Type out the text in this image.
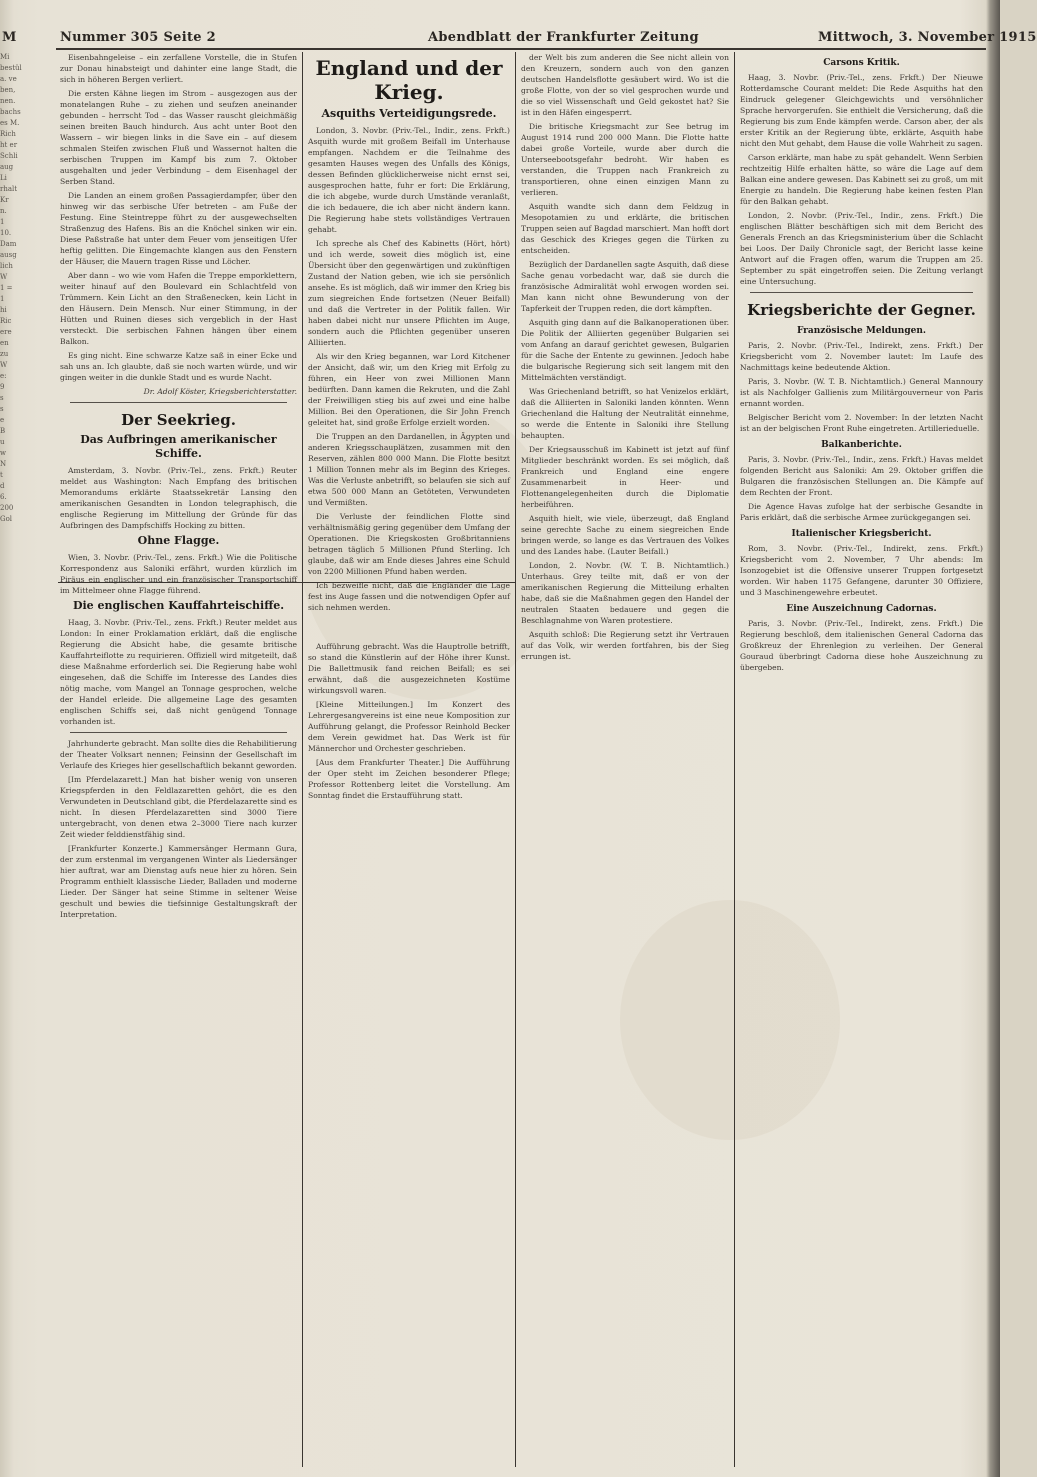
M	Nummer 305 Seite 2	Abendblatt der Frankfurter Zeitung	Mittwoch, 3. November 1915
Mi
bestül
a. ve
ben,
nen.
bachs
es M.
Rich
ht er
Schli
aug
Li
rhalt
Kr
n.
1
10.
Dam
ausg
lich
W
1 =
1
hi
Ric
ere
en
zu
W
e:
9
s
s
e
B
u
w
N
t
d
6.
200
Gol

Eisenbahngeleise – ein zerfallene Vorstelle, die in Stufen zur Donau hinabsteigt und dahinter eine lange Stadt, die sich in höheren Bergen verliert.

Die ersten Kähne liegen im Strom – ausgezogen aus der monatelangen Ruhe – zu ziehen und seufzen aneinander gebunden – herrscht Tod – das Wasser rauscht gleichmäßig seinen breiten Bauch hindurch. Aus acht unter Boot den Wassern – wir biegen links in die Save ein – auf diesem schmalen Steifen zwischen Fluß und Wassernot halten die serbischen Truppen im Kampf bis zum 7. Oktober ausgehalten und jeder Verbindung – dem Eisenhagel der Serben Stand.

Die Landen an einem großen Passagierdampfer, über den hinweg wir das serbische Ufer betreten – am Fuße der Festung. Eine Steintreppe führt zu der ausgewechselten Straßenzug des Hafens. Bis an die Knöchel sinken wir ein. Diese Paßstraße hat unter dem Feuer vom jenseitigen Ufer heftig gelitten. Die Eingemachte klangen aus den Fenstern der Häuser, die Mauern tragen Risse und Löcher.

Aber dann – wo wie vom Hafen die Treppe emporklettern, weiter hinauf auf den Boulevard ein Schlachtfeld von Trümmern. Kein Licht an den Straßenecken, kein Licht in den Häusern. Dein Mensch. Nur einer Stimmung, in der Hütten und Ruinen dieses sich vergeblich in der Hast versteckt. Die serbischen Fahnen hängen über einem Balkon.

Es ging nicht. Eine schwarze Katze saß in einer Ecke und sah uns an. Ich glaubte, daß sie noch warten würde, und wir gingen weiter in die dunkle Stadt und es wurde Nacht.

Dr. Adolf Köster, Kriegsberichterstatter.

Der Seekrieg.
Das Aufbringen amerikanischer Schiffe.

Amsterdam, 3. Novbr. (Priv.-Tel., zens. Frkft.) Reuter meldet aus Washington: Nach Empfang des britischen Memorandums erklärte Staatssekretär Lansing den amerikanischen Gesandten in London telegraphisch, die englische Regierung im Mittellung der Gründe für das Aufbringen des Dampfschiffs Hocking zu bitten.

Ohne Flagge.

Wien, 3. Novbr. (Priv.-Tel., zens. Frkft.) Wie die Politische Korrespondenz aus Saloniki erfährt, wurden kürzlich im Piräus ein englischer und ein französischer Transportschiff im Mittelmeer ohne Flagge führend.

Die englischen Kauffahrteischiffe.

Haag, 3. Novbr. (Priv.-Tel., zens. Frkft.) Reuter meldet aus London: In einer Proklamation erklärt, daß die englische Regierung die Absicht habe, die gesamte britische Kauffahrteiflotte zu requirieren. Offiziell wird mitgeteilt, daß diese Maßnahme erforderlich sei. Die Regierung habe wohl eingesehen, daß die Schiffe im Interesse des Landes dies nötig mache, vom Mangel an Tonnage gesprochen, welche der Handel erleide. Die allgemeine Lage des gesamten englischen Schiffs sei, daß nicht genügend Tonnage vorhanden ist.

Jahrhunderte gebracht. Man sollte dies die Rehabilitierung der Theater Volksart nennen; Feinsinn der Gesellschaft im Verlaufe des Krieges hier gesellschaftlich bekannt geworden.

[Im Pferdelazarett.] Man hat bisher wenig von unseren Kriegspferden in den Feldlazaretten gehört, die es den Verwundeten in Deutschland gibt, die Pferdelazarette sind es nicht. In diesen Pferdelazaretten sind 3000 Tiere untergebracht, von denen etwa 2–3000 Tiere nach kurzer Zeit wieder felddienstfähig sind.

[Frankfurter Konzerte.] Kammersänger Hermann Gura, der zum erstenmal im vergangenen Winter als Liedersänger hier auftrat, war am Dienstag aufs neue hier zu hören. Sein Programm enthielt klassische Lieder, Balladen und moderne Lieder. Der Sänger hat seine Stimme in seltener Weise geschult und bewies die tiefsinnige Gestaltungskraft der Interpretation.

England und der Krieg.
Asquiths Verteidigungsrede.

London, 3. Novbr. (Priv.-Tel., Indir., zens. Frkft.) Asquith wurde mit großem Beifall im Unterhause empfangen. Nachdem er die Teilnahme des gesamten Hauses wegen des Unfalls des Königs, dessen Befinden glücklicherweise nicht ernst sei, ausgesprochen hatte, fuhr er fort: Die Erklärung, die ich abgebe, wurde durch Umstände veranlaßt, die ich bedauere, die ich aber nicht ändern kann. Die Regierung habe stets vollständiges Vertrauen gehabt.

Ich spreche als Chef des Kabinetts (Hört, hört) und ich werde, soweit dies möglich ist, eine Übersicht über den gegenwärtigen und zukünftigen Zustand der Nation geben, wie ich sie persönlich ansehe. Es ist möglich, daß wir immer den Krieg bis zum siegreichen Ende fortsetzen (Neuer Beifall) und daß die Vertreter in der Politik fallen. Wir haben dabei nicht nur unsere Pflichten im Auge, sondern auch die Pflichten gegenüber unseren Alliierten.

Als wir den Krieg begannen, war Lord Kitchener der Ansicht, daß wir, um den Krieg mit Erfolg zu führen, ein Heer von zwei Millionen Mann bedürften. Dann kamen die Rekruten, und die Zahl der Freiwilligen stieg bis auf zwei und eine halbe Million. Bei den Operationen, die Sir John French geleitet hat, sind große Erfolge erzielt worden.

Die Truppen an den Dardanellen, in Ägypten und anderen Kriegsschauplätzen, zusammen mit den Reserven, zählen 800 000 Mann. Die Flotte besitzt 1 Million Tonnen mehr als im Beginn des Krieges. Was die Verluste anbetrifft, so belaufen sie sich auf etwa 500 000 Mann an Getöteten, Verwundeten und Vermißten.

Die Verluste der feindlichen Flotte sind verhältnismäßig gering gegenüber dem Umfang der Operationen. Die Kriegskosten Großbritanniens betragen täglich 5 Millionen Pfund Sterling. Ich glaube, daß wir am Ende dieses Jahres eine Schuld von 2200 Millionen Pfund haben werden.

Ich bezweifle nicht, daß die Engländer die Lage fest ins Auge fassen und die notwendigen Opfer auf sich nehmen werden.

Aufführung gebracht. Was die Hauptrolle betrifft, so stand die Künstlerin auf der Höhe ihrer Kunst. Die Ballettmusik fand reichen Beifall; es sei erwähnt, daß die ausgezeichneten Kostüme wirkungsvoll waren.

[Kleine Mitteilungen.] Im Konzert des Lehrergesangvereins ist eine neue Komposition zur Aufführung gelangt, die Professor Reinhold Becker dem Verein gewidmet hat. Das Werk ist für Männerchor und Orchester geschrieben.

[Aus dem Frankfurter Theater.] Die Aufführung der Oper steht im Zeichen besonderer Pflege; Professor Rottenberg leitet die Vorstellung. Am Sonntag findet die Erstaufführung statt.

der Welt bis zum anderen die See nicht allein von den Kreuzern, sondern auch von den ganzen deutschen Handelsflotte gesäubert wird. Wo ist die große Flotte, von der so viel gesprochen wurde und die so viel Wissenschaft und Geld gekostet hat? Sie ist in den Häfen eingesperrt.

Die britische Kriegsmacht zur See betrug im August 1914 rund 200 000 Mann. Die Flotte hatte dabei große Vorteile, wurde aber durch die Unterseebootsgefahr bedroht. Wir haben es verstanden, die Truppen nach Frankreich zu transportieren, ohne einen einzigen Mann zu verlieren.

Asquith wandte sich dann dem Feldzug in Mesopotamien zu und erklärte, die britischen Truppen seien auf Bagdad marschiert. Man hofft dort das Geschick des Krieges gegen die Türken zu entscheiden.

Bezüglich der Dardanellen sagte Asquith, daß diese Sache genau vorbedacht war, daß sie durch die französische Admiralität wohl erwogen worden sei. Man kann nicht ohne Bewunderung von der Tapferkeit der Truppen reden, die dort kämpften.

Asquith ging dann auf die Balkanoperationen über. Die Politik der Alliierten gegenüber Bulgarien sei vom Anfang an darauf gerichtet gewesen, Bulgarien für die Sache der Entente zu gewinnen. Jedoch habe die bulgarische Regierung sich seit langem mit den Mittelmächten verständigt.

Was Griechenland betrifft, so hat Venizelos erklärt, daß die Alliierten in Saloniki landen könnten. Wenn Griechenland die Haltung der Neutralität einnehme, so werde die Entente in Saloniki ihre Stellung behaupten.

Der Kriegsausschuß im Kabinett ist jetzt auf fünf Mitglieder beschränkt worden. Es sei möglich, daß Frankreich und England eine engere Zusammenarbeit in Heer- und Flottenangelegenheiten durch die Diplomatie herbeiführen.

Asquith hielt, wie viele, überzeugt, daß England seine gerechte Sache zu einem siegreichen Ende bringen werde, so lange es das Vertrauen des Volkes und des Landes habe. (Lauter Beifall.)

London, 2. Novbr. (W. T. B. Nichtamtlich.) Unterhaus. Grey teilte mit, daß er von der amerikanischen Regierung die Mitteilung erhalten habe, daß sie die Maßnahmen gegen den Handel der neutralen Staaten bedauere und gegen die Beschlagnahme von Waren protestiere.

Asquith schloß: Die Regierung setzt ihr Vertrauen auf das Volk, wir werden fortfahren, bis der Sieg errungen ist.

Carsons Kritik.

Haag, 3. Novbr. (Priv.-Tel., zens. Frkft.) Der Nieuwe Rotterdamsche Courant meldet: Die Rede Asquiths hat den Eindruck gelegener Gleichgewichts und versöhnlicher Sprache hervorgerufen. Sie enthielt die Versicherung, daß die Regierung bis zum Ende kämpfen werde. Carson aber, der als erster Kritik an der Regierung übte, erklärte, Asquith habe nicht den Mut gehabt, dem Hause die volle Wahrheit zu sagen.

Carson erklärte, man habe zu spät gehandelt. Wenn Serbien rechtzeitig Hilfe erhalten hätte, so wäre die Lage auf dem Balkan eine andere gewesen. Das Kabinett sei zu groß, um mit Energie zu handeln. Die Regierung habe keinen festen Plan für den Balkan gehabt.

London, 2. Novbr. (Priv.-Tel., Indir., zens. Frkft.) Die englischen Blätter beschäftigen sich mit dem Bericht des Generals French an das Kriegsministerium über die Schlacht bei Loos. Der Daily Chronicle sagt, der Bericht lasse keine Antwort auf die Fragen offen, warum die Truppen am 25. September zu spät eingetroffen seien. Die Zeitung verlangt eine Untersuchung.

Kriegsberichte der Gegner.
Französische Meldungen.

Paris, 2. Novbr. (Priv.-Tel., Indirekt, zens. Frkft.) Der Kriegsbericht vom 2. November lautet: Im Laufe des Nachmittags keine bedeutende Aktion.

Paris, 3. Novbr. (W. T. B. Nichtamtlich.) General Mannoury ist als Nachfolger Gallienis zum Militärgouverneur von Paris ernannt worden.

Belgischer Bericht vom 2. November: In der letzten Nacht ist an der belgischen Front Ruhe eingetreten. Artillerieduelle.

Balkanberichte.

Paris, 3. Novbr. (Priv.-Tel., Indir., zens. Frkft.) Havas meldet folgenden Bericht aus Saloniki: Am 29. Oktober griffen die Bulgaren die französischen Stellungen an. Die Kämpfe auf dem Rechten der Front.

Die Agence Havas zufolge hat der serbische Gesandte in Paris erklärt, daß die serbische Armee zurückgegangen sei.

Italienischer Kriegsbericht.

Rom, 3. Novbr. (Priv.-Tel., Indirekt, zens. Frkft.) Kriegsbericht vom 2. November, 7 Uhr abends: Im Isonzogebiet ist die Offensive unserer Truppen fortgesetzt worden. Wir haben 1175 Gefangene, darunter 30 Offiziere, und 3 Maschinengewehre erbeutet.

Eine Auszeichnung Cadornas.

Paris, 3. Novbr. (Priv.-Tel., Indirekt, zens. Frkft.) Die Regierung beschloß, dem italienischen General Cadorna das Großkreuz der Ehrenlegion zu verleihen. Der General Gouraud überbringt Cadorna diese hohe Auszeichnung zu übergeben.
